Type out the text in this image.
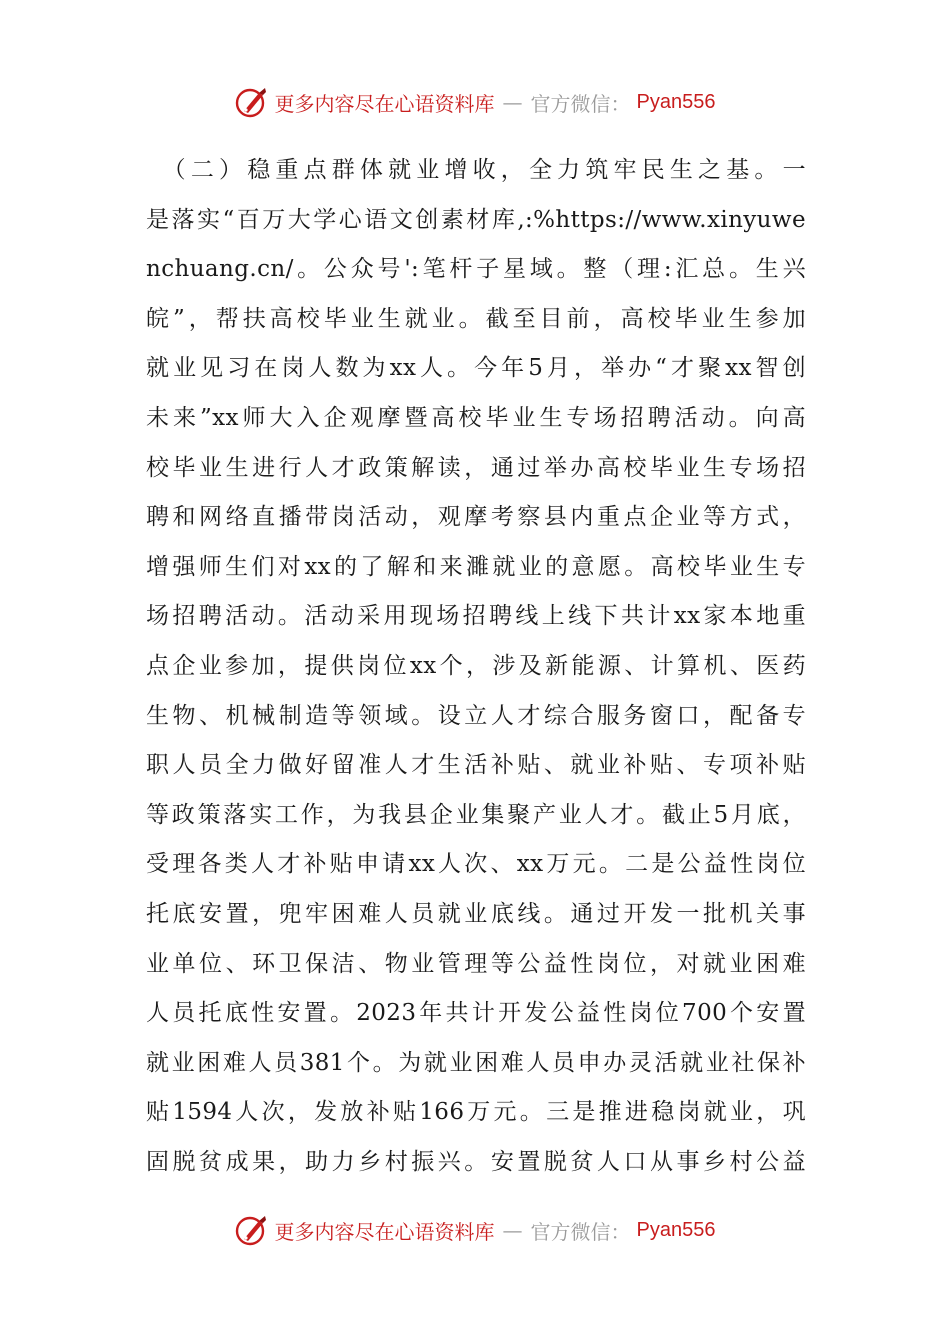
更多内容尽在心语资料库 — 官方微信： Pyan556
　（二）稳重点群体就业增收，全力筑牢民生之基。一
是落实“百万大学心语文创素材库,:%https://www.xinyuwe
nchuang.cn/。公众号':笔杆子星域。整（理:汇总。生兴
皖”，帮扶高校毕业生就业。截至目前，高校毕业生参加
就业见习在岗人数为xx人。今年5月，举办“才聚xx智创
未来”xx师大入企观摩暨高校毕业生专场招聘活动。向高
校毕业生进行人才政策解读，通过举办高校毕业生专场招
聘和网络直播带岗活动，观摩考察县内重点企业等方式，
增强师生们对xx的了解和来濉就业的意愿。高校毕业生专
场招聘活动。活动采用现场招聘线上线下共计xx家本地重
点企业参加，提供岗位xx个，涉及新能源、计算机、医药
生物、机械制造等领域。设立人才综合服务窗口，配备专
职人员全力做好留准人才生活补贴、就业补贴、专项补贴
等政策落实工作，为我县企业集聚产业人才。截止5月底，
受理各类人才补贴申请xx人次、xx万元。二是公益性岗位
托底安置，兜牢困难人员就业底线。通过开发一批机关事
业单位、环卫保洁、物业管理等公益性岗位，对就业困难
人员托底性安置。2023年共计开发公益性岗位700个安置
就业困难人员381个。为就业困难人员申办灵活就业社保补
贴1594人次，发放补贴166万元。三是推进稳岗就业，巩
固脱贫成果，助力乡村振兴。安置脱贫人口从事乡村公益
更多内容尽在心语资料库 — 官方微信： Pyan556
